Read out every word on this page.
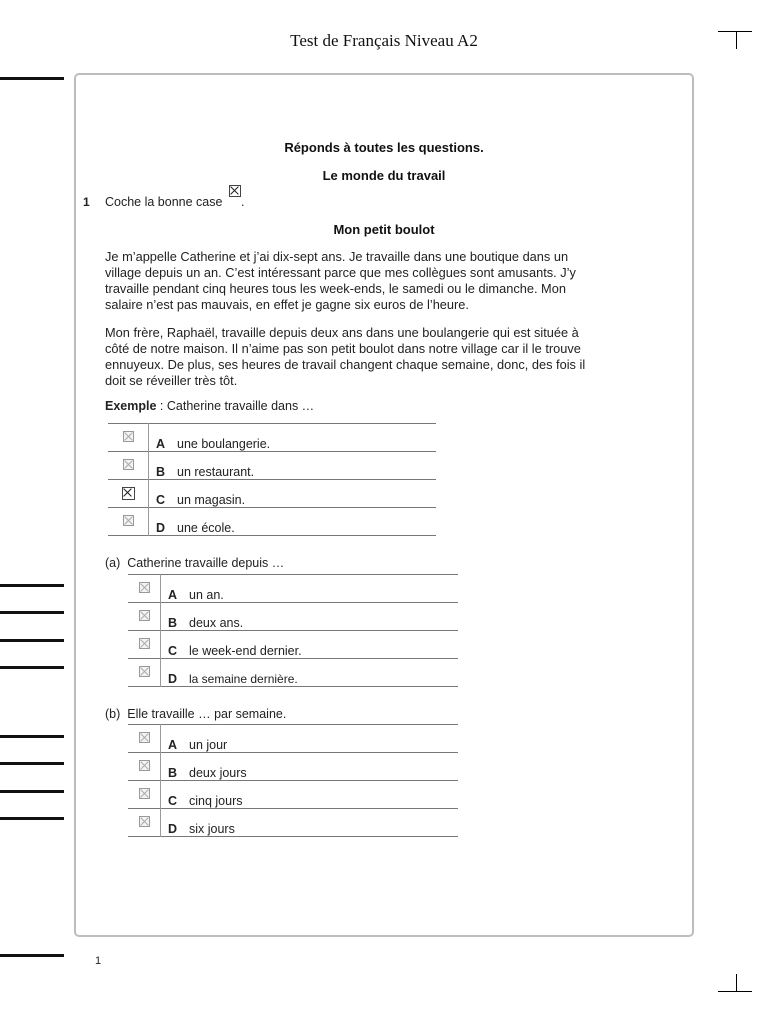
Test de Français Niveau A2
Réponds à toutes les questions.
Le monde du travail
1 Coche la bonne case .
Mon petit boulot
Je m’appelle Catherine et j’ai dix-sept ans. Je travaille dans une boutique dans un village depuis un an. C’est intéressant parce que mes collègues sont amusants. J’y travaille pendant cinq heures tous les week-ends, le samedi ou le dimanche. Mon salaire n’est pas mauvais, en effet je gagne six euros de l’heure.
Mon frère, Raphaël, travaille depuis deux ans dans une boulangerie qui est située à côté de notre maison. Il n’aime pas son petit boulot dans notre village car il le trouve ennuyeux. De plus, ses heures de travail changent chaque semaine, donc, des fois il doit se réveiller très tôt.
Exemple : Catherine travaille dans …
	A une boulangerie.
	B un restaurant.
	C un magasin.
	D une école.
(a) Catherine travaille depuis …
	A un an.
	B deux ans.
	C le week-end dernier.
	D la semaine dernière.
(b) Elle travaille … par semaine.
	A un jour
	B deux jours
	C cinq jours
	D six jours
1
